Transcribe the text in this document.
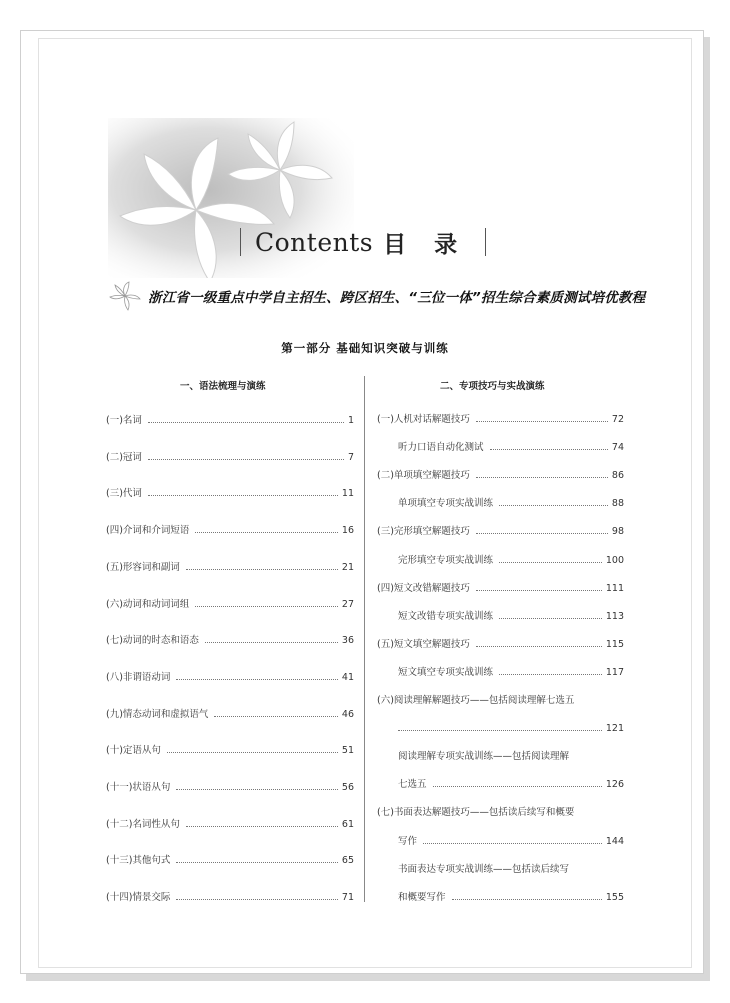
Contents 目 录
浙江省一级重点中学自主招生、跨区招生、“三位一体”招生综合素质测试培优教程
第一部分 基础知识突破与训练
一、语法梳理与演练	二、专项技巧与实战演练
(一)名词	1
(二)冠词	7
(三)代词	11
(四)介词和介词短语	16
(五)形容词和副词	21
(六)动词和动词词组	27
(七)动词的时态和语态	36
(八)非谓语动词	41
(九)情态动词和虚拟语气	46
(十)定语从句	51
(十一)状语从句	56
(十二)名词性从句	61
(十三)其他句式	65
(十四)情景交际	71
(一)人机对话解题技巧	72
听力口语自动化测试	74
(二)单项填空解题技巧	86
单项填空专项实战训练	88
(三)完形填空解题技巧	98
完形填空专项实战训练	100
(四)短文改错解题技巧	111
短文改错专项实战训练	113
(五)短文填空解题技巧	115
短文填空专项实战训练	117
(六)阅读理解解题技巧——包括阅读理解七选五
121
阅读理解专项实战训练——包括阅读理解
七选五	126
(七)书面表达解题技巧——包括读后续写和概要
写作	144
书面表达专项实战训练——包括读后续写
和概要写作	155
